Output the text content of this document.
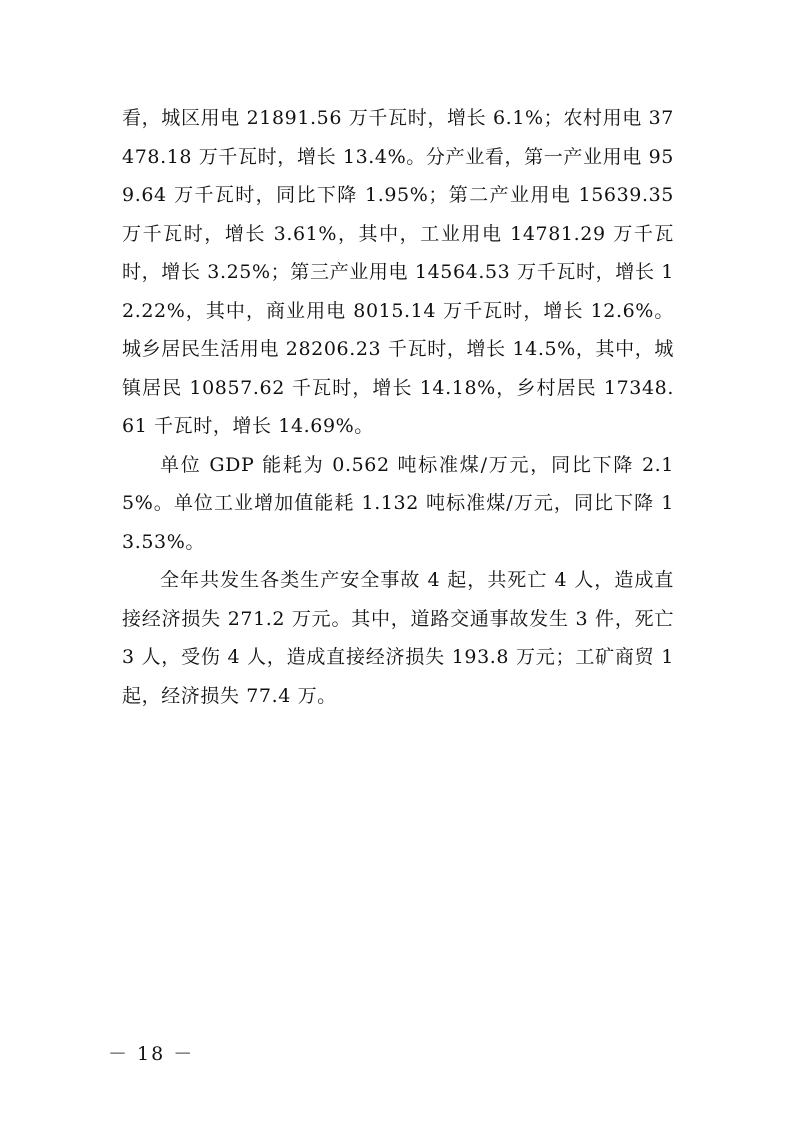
看，城区用电 21891.56 万千瓦时，增长 6.1%；农村用电 37478.18 万千瓦时，增长 13.4%。分产业看，第一产业用电 959.64 万千瓦时，同比下降 1.95%；第二产业用电 15639.35 万千瓦时，增长 3.61%，其中，工业用电 14781.29 万千瓦时，增长 3.25%；第三产业用电 14564.53 万千瓦时，增长 12.22%，其中，商业用电 8015.14 万千瓦时，增长 12.6%。城乡居民生活用电 28206.23 千瓦时，增长 14.5%，其中，城镇居民 10857.62 千瓦时，增长 14.18%，乡村居民 17348.61 千瓦时，增长 14.69%。

单位 GDP 能耗为 0.562 吨标准煤/万元，同比下降 2.15%。单位工业增加值能耗 1.132 吨标准煤/万元，同比下降 13.53%。

全年共发生各类生产安全事故 4 起，共死亡 4 人，造成直接经济损失 271.2 万元。其中，道路交通事故发生 3 件，死亡 3 人，受伤 4 人，造成直接经济损失 193.8 万元；工矿商贸 1 起，经济损失 77.4 万。

－ 18 －
